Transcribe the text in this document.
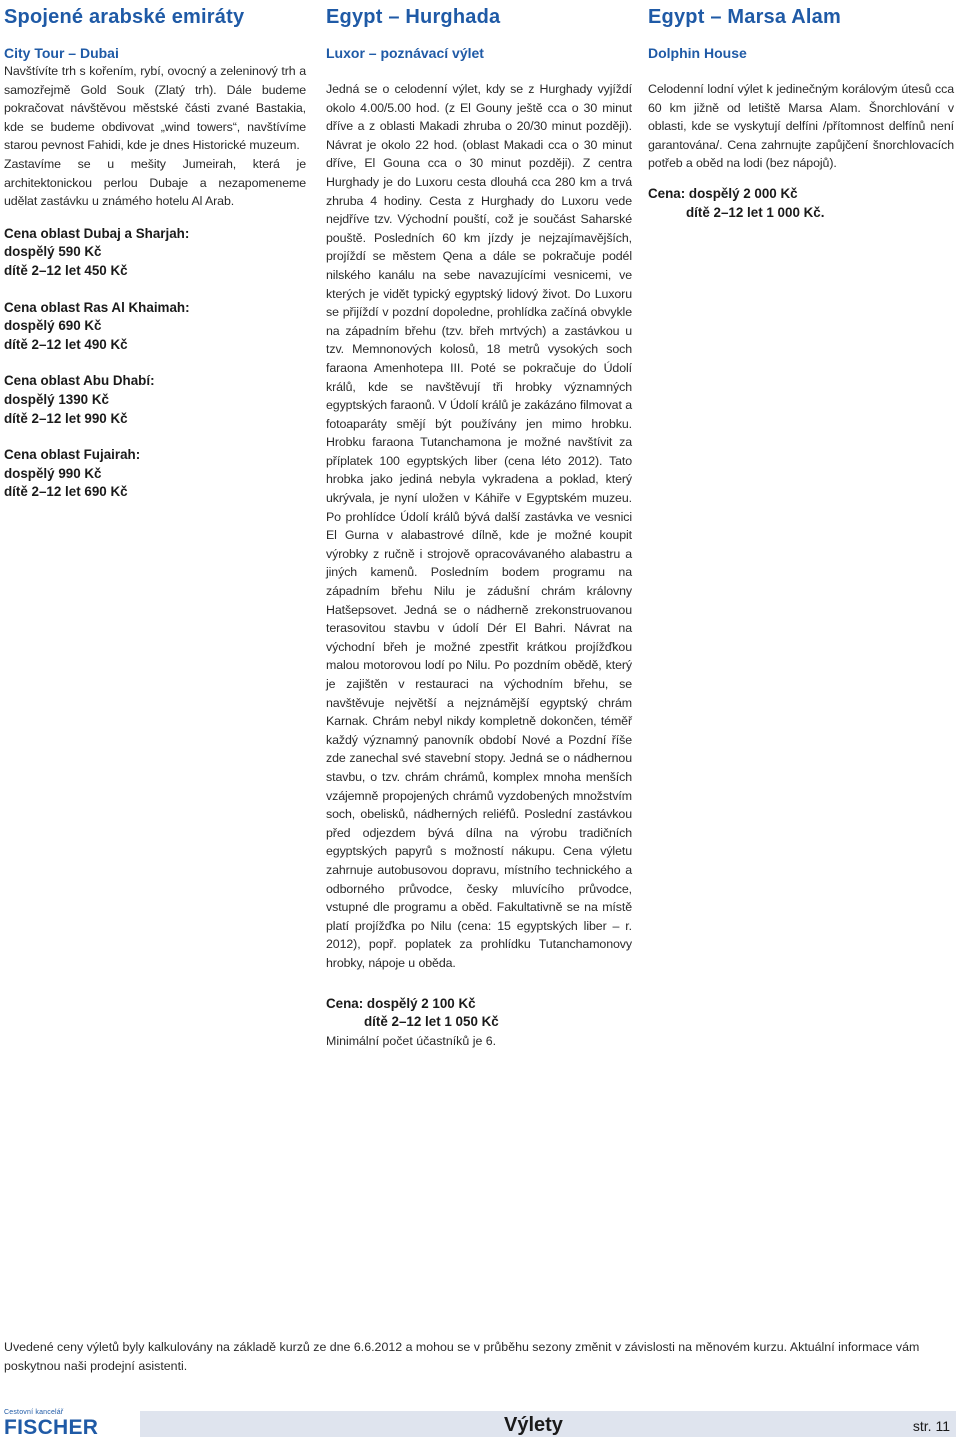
Spojené arabské emiráty
City Tour – Dubai

Navštívíte trh s kořením, rybí, ovocný a zeleninový trh a samozřejmě Gold Souk (Zlatý trh). Dále budeme pokračovat návštěvou městské části zvané Bastakia, kde se budeme obdivovat „wind towers“, navštívíme starou pevnost Fahidi, kde je dnes Historické muzeum.

Zastavíme se u mešity Jumeirah, která je architektonickou perlou Dubaje a nezapomeneme udělat zastávku u známého hotelu Al Arab.

Cena oblast Dubaj a Sharjah:
dospělý 590 Kč
dítě 2–12 let 450 Kč
Cena oblast Ras Al Khaimah:
dospělý 690 Kč
dítě 2–12 let 490 Kč
Cena oblast Abu Dhabí:
dospělý 1390 Kč
dítě 2–12 let 990 Kč
Cena oblast Fujairah:
dospělý 990 Kč
dítě 2–12 let 690 Kč
Egypt – Hurghada
Luxor – poznávací výlet

Jedná se o celodenní výlet, kdy se z Hurghady vyjíždí okolo 4.00/5.00 hod. (z El Gouny ještě cca o 30 minut dříve a z oblasti Makadi zhruba o 20/30 minut později). Návrat je okolo 22 hod. (oblast Makadi cca o 30 minut dříve, El Gouna cca o 30 minut později). Z centra Hurghady je do Luxoru cesta dlouhá cca 280 km a trvá zhruba 4 hodiny. Cesta z Hurghady do Luxoru vede nejdříve tzv. Východní pouští, což je součást Saharské pouště. Posledních 60 km jízdy je nejzajímavějších, projíždí se městem Qena a dále se pokračuje podél nilského kanálu na sebe navazujícími vesnicemi, ve kterých je vidět typický egyptský lidový život. Do Luxoru se přijíždí v pozdní dopoledne, prohlídka začíná obvykle na západním břehu (tzv. břeh mrtvých) a zastávkou u tzv. Memnonových kolosů, 18 metrů vysokých soch faraona Amenhotepa III. Poté se pokračuje do Údolí králů, kde se navštěvují tři hrobky významných egyptských faraonů. V Údolí králů je zakázáno filmovat a fotoaparáty smějí být používány jen mimo hrobku. Hrobku faraona Tutanchamona je možné navštívit za příplatek 100 egyptských liber (cena léto 2012). Tato hrobka jako jediná nebyla vykradena a poklad, který ukrývala, je nyní uložen v Káhiře v Egyptském muzeu. Po prohlídce Údolí králů bývá další zastávka ve vesnici El Gurna v alabastrové dílně, kde je možné koupit výrobky z ručně i strojově opracovávaného alabastru a jiných kamenů. Posledním bodem programu na západním břehu Nilu je zádušní chrám královny Hatšepsovet. Jedná se o nádherně zrekonstruovanou terasovitou stavbu v údolí Dér El Bahri. Návrat na východní břeh je možné zpestřit krátkou projížďkou malou motorovou lodí po Nilu. Po pozdním obědě, který je zajištěn v restauraci na východním břehu, se navštěvuje největší a nejznámější egyptský chrám Karnak. Chrám nebyl nikdy kompletně dokončen, téměř každý významný panovník období Nové a Pozdní říše zde zanechal své stavební stopy. Jedná se o nádhernou stavbu, o tzv. chrám chrámů, komplex mnoha menších vzájemně propojených chrámů vyzdobených množstvím soch, obelisků, nádherných reliéfů. Poslední zastávkou před odjezdem bývá dílna na výrobu tradičních egyptských papyrů s možností nákupu. Cena výletu zahrnuje autobusovou dopravu, místního technického a odborného průvodce, česky mluvícího průvodce, vstupné dle programu a oběd. Fakultativně se na místě platí projížďka po Nilu (cena: 15 egyptských liber – r. 2012), popř. poplatek za prohlídku Tutanchamonovy hrobky, nápoje u oběda.

Cena: dospělý 2 100 Kč
dítě 2–12 let 1 050 Kč
Minimální počet účastníků je 6.
Egypt – Marsa Alam
Dolphin House

Celodenní lodní výlet k jedinečným korálovým útesů cca 60 km jižně od letiště Marsa Alam. Šnorchlování v oblasti, kde se vyskytují delfíni /přítomnost delfínů není garantována/. Cena zahrnujte zapůjčení šnorchlovacích potřeb a oběd na lodi (bez nápojů).

Cena: dospělý 2 000 Kč
dítě 2–12 let 1 000 Kč.

Uvedené ceny výletů byly kalkulovány na základě kurzů ze dne 6.6.2012 a mohou se v průběhu sezony změnit v závislosti na měnovém kurzu. Aktuální informace vám poskytnou naši prodejní asistenti.

Cestovní kancelář
FISCHER	Výlety	str. 11
